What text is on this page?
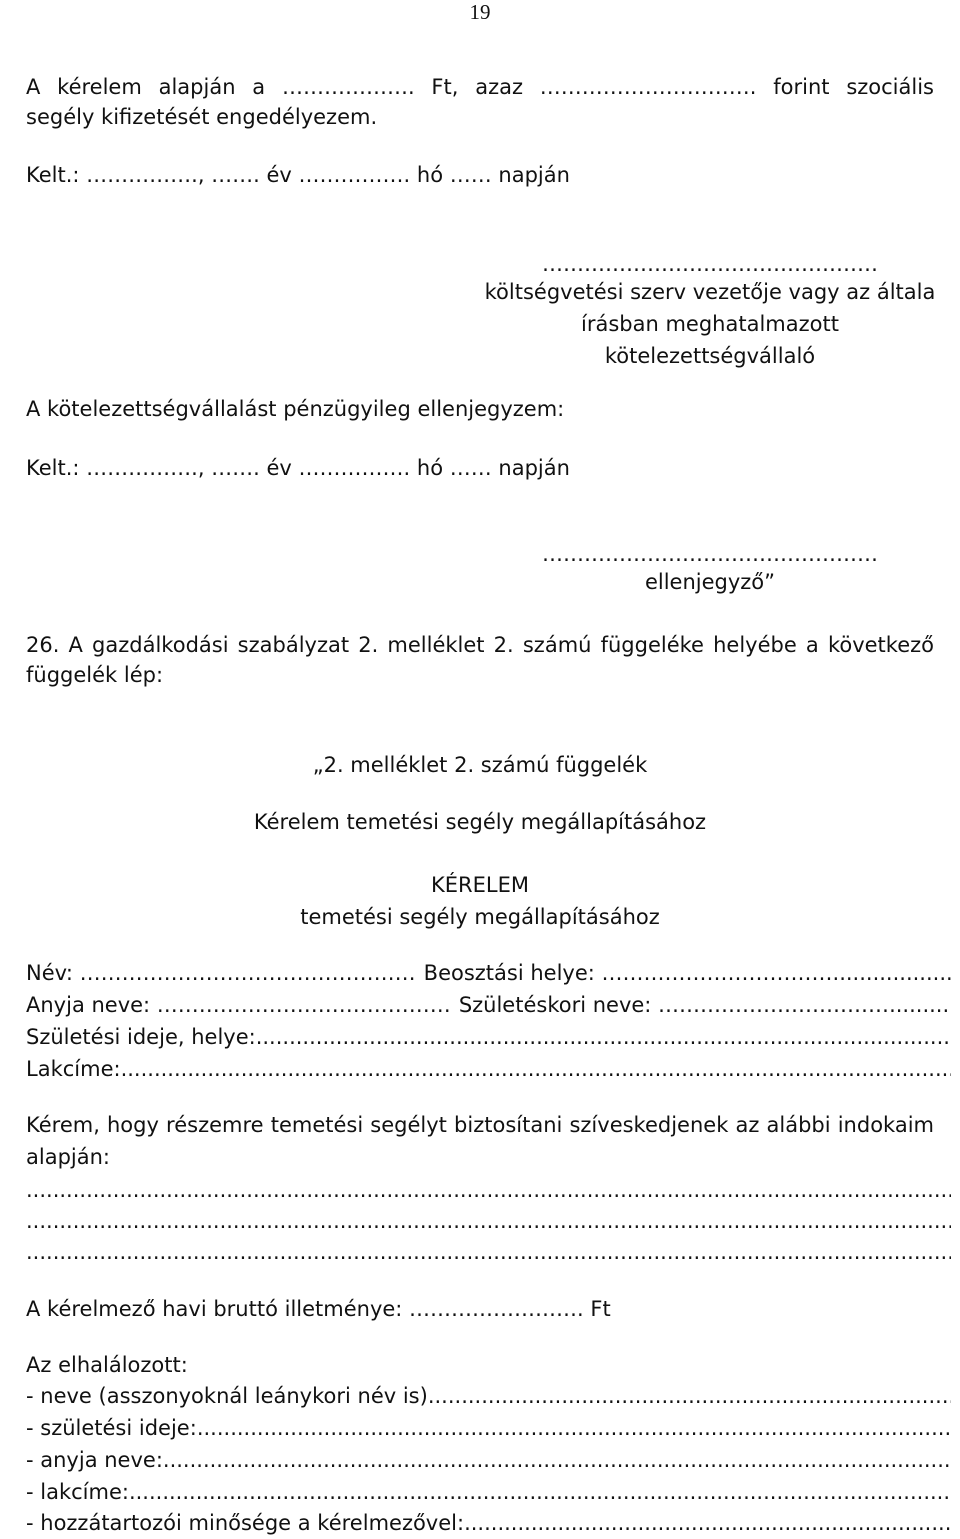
19
A kérelem alapján a ………………. Ft, azaz …………………………. forint szociális
segély kifizetését engedélyezem.
Kelt.: ……………., ……. év ……………. hó …… napján
…………………………………………
költségvetési szerv vezetője vagy az általa
írásban meghatalmazott
kötelezettségvállaló
A kötelezettségvállalást pénzügyileg ellenjegyzem:
Kelt.: ……………., ……. év ……………. hó …… napján
…………………………………………
ellenjegyző”
26. A gazdálkodási szabályzat 2. melléklet 2. számú függeléke helyébe a következő
függelék lép:
„2. melléklet 2. számú függelék
Kérelem temetési segély megállapításához
KÉRELEM
temetési segély megállapításához
Név: ………………………………………… Beosztási helye: ……………………………
.....
Anyja neve: …………………………………… Születéskori neve: ……………………………
.....
Születési ideje, helye:
.....
Lakcíme:
.....
Kérem, hogy részemre temetési segélyt biztosítani szíveskedjenek az alábbi indokaim
alapján:
.....
.....
.....
A kérelmező havi bruttó illetménye: ……………………. Ft
Az elhalálozott:
- neve (asszonyoknál leánykori név is)
.....
- születési ideje:
.....
- anyja neve:
.....
- lakcíme:
.....
- hozzátartozói minősége a kérelmezővel:
.....
